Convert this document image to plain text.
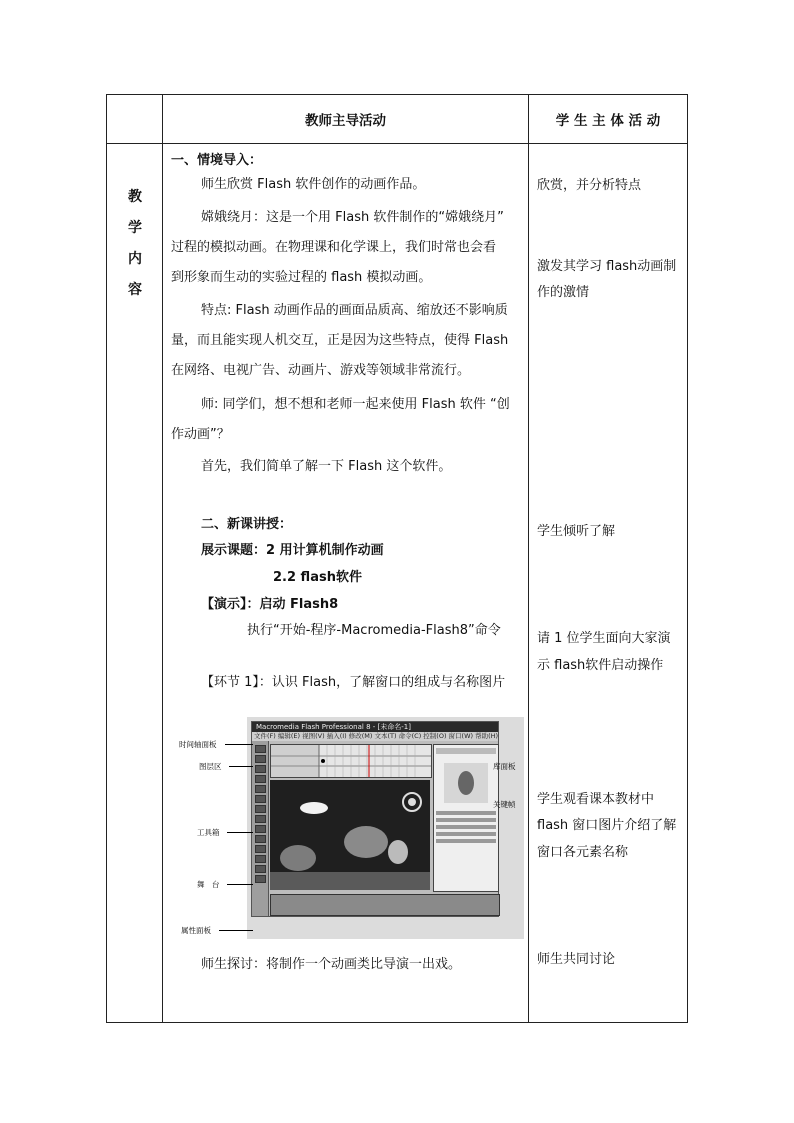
教师主导活动	学 生 主 体 活 动
教
学
内
容
一、情境导入：
师生欣赏 Flash 软件创作的动画作品。
嫦娥绕月：这是一个用 Flash 软件制作的“嫦娥绕月”
过程的模拟动画。在物理课和化学课上，我们时常也会看
到形象而生动的实验过程的 flash 模拟动画。
特点: Flash 动画作品的画面品质高、缩放还不影响质
量，而且能实现人机交互，正是因为这些特点，使得 Flash
在网络、电视广告、动画片、游戏等领域非常流行。
师: 同学们，想不想和老师一起来使用 Flash 软件 “创
作动画”？
首先，我们简单了解一下 Flash 这个软件。
二、新课讲授：
展示课题：2 用计算机制作动画
2.2 flash软件
【演示】：启动 Flash8
执行“开始-程序-Macromedia-Flash8”命令
【环节 1】：认识 Flash，了解窗口的组成与名称图片
Macromedia Flash Professional 8 - [未命名-1]
文件(F) 编辑(E) 视图(V) 插入(I) 修改(M) 文本(T) 命令(C) 控制(O) 窗口(W) 帮助(H)
时间轴面板
图层区
工具箱
舞　台
属性面板
库面板
关键帧
师生探讨：将制作一个动画类比导演一出戏。
欣赏，并分析特点
激发其学习 flash动画制
作的激情
学生倾听了解
请 1 位学生面向大家演
示 flash软件启动操作
学生观看课本教材中
flash 窗口图片介绍了解
窗口各元素名称
师生共同讨论
